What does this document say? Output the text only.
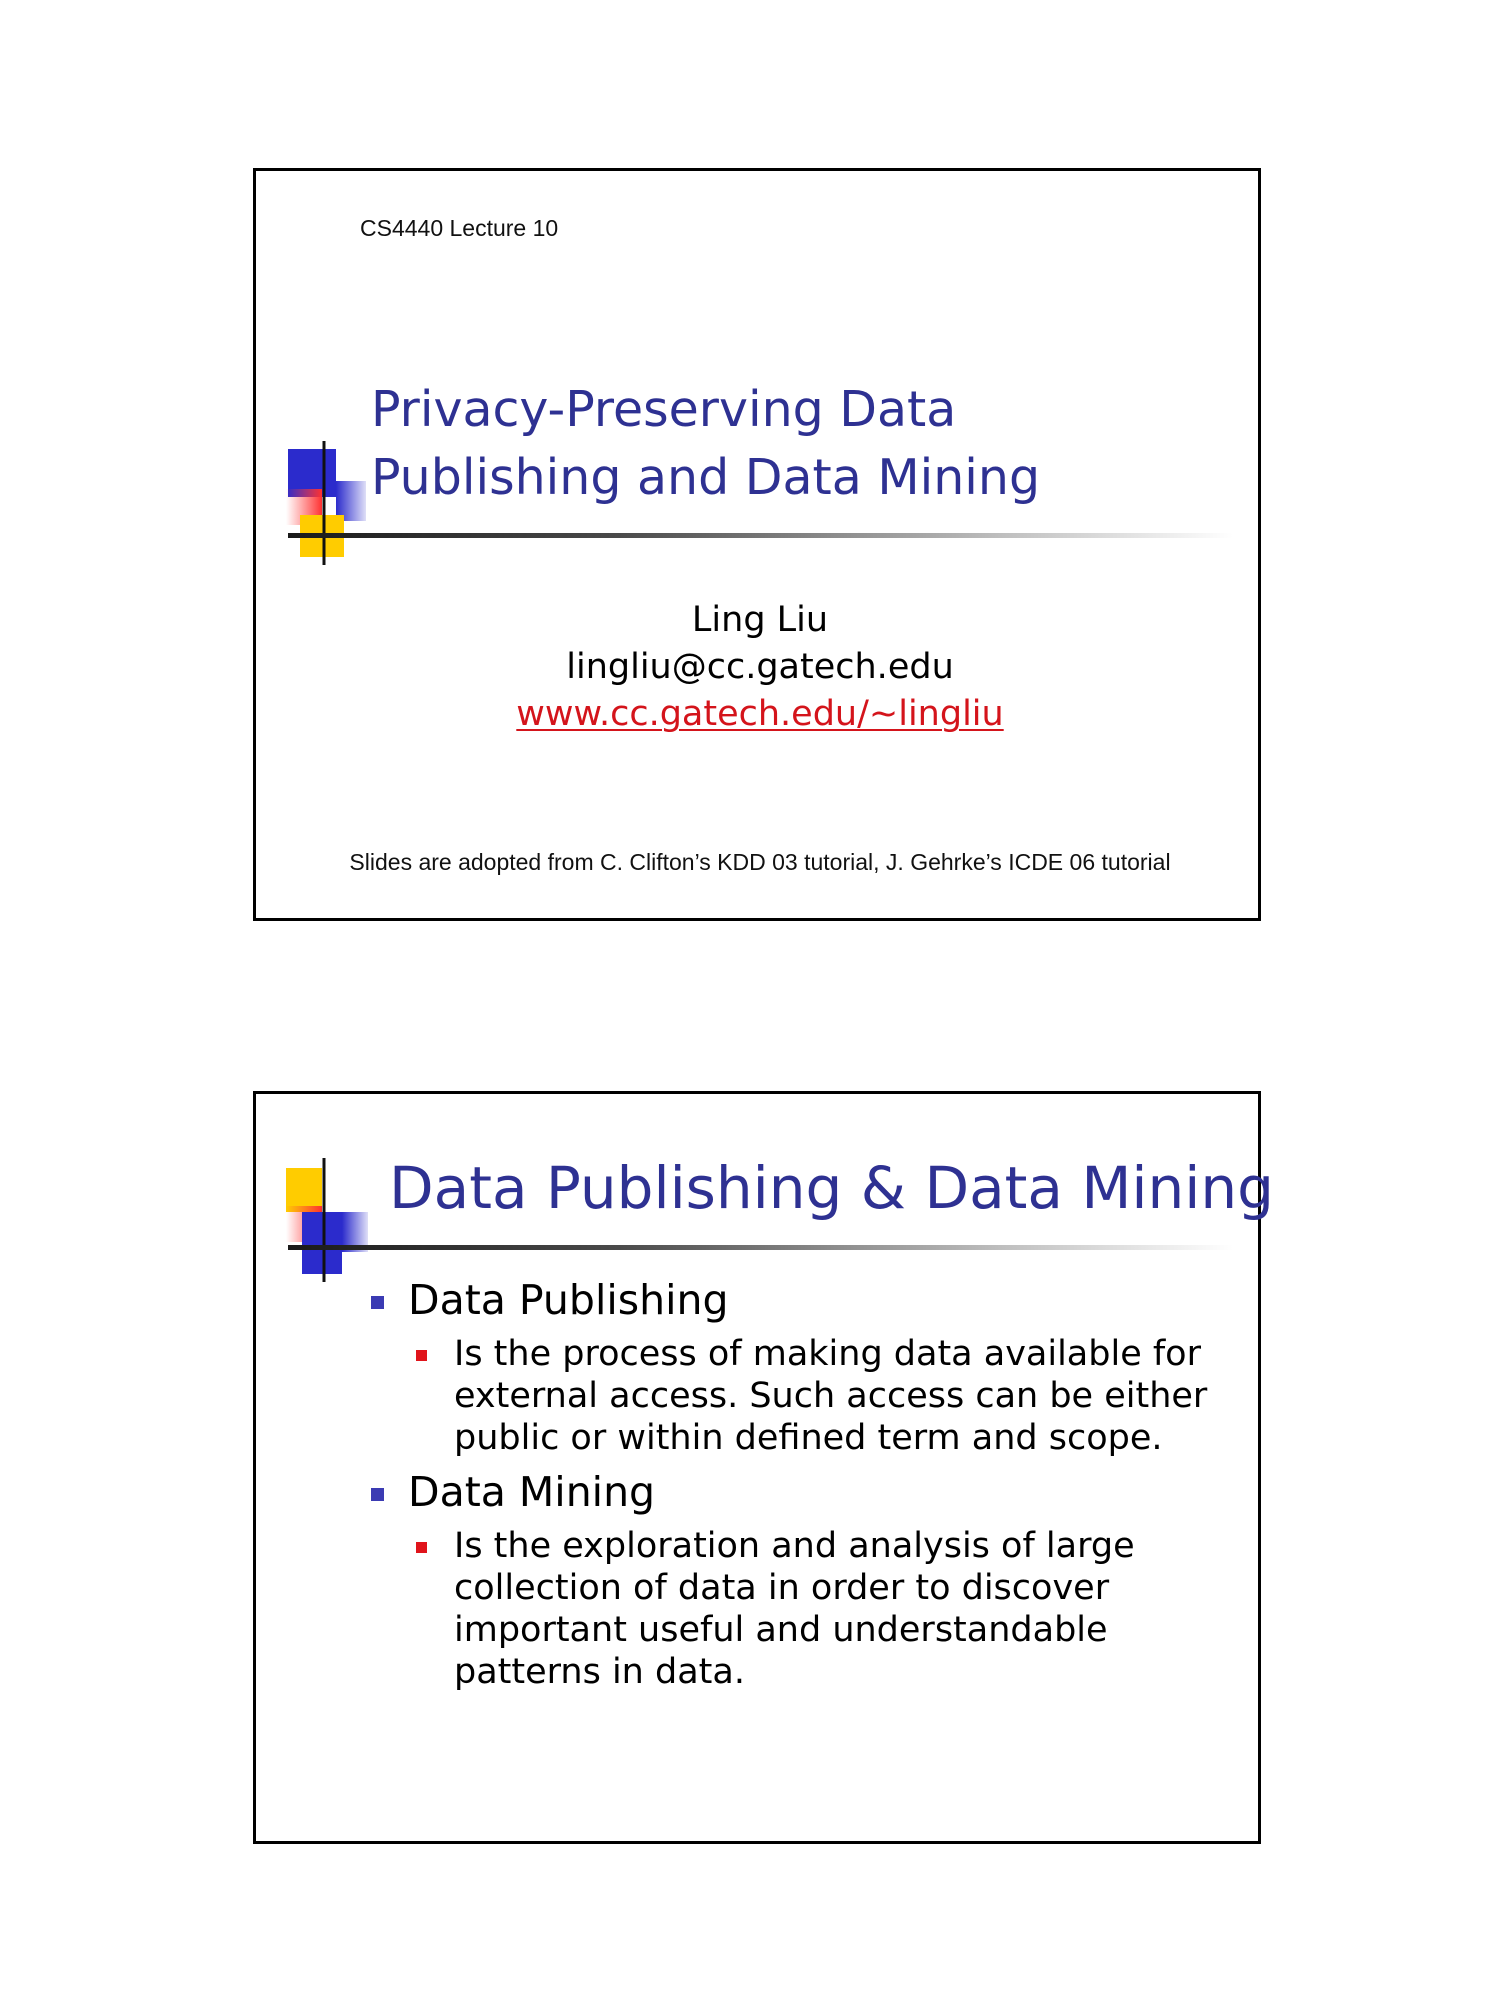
CS4440 Lecture 10
Privacy-Preserving Data
Publishing and Data Mining
Ling Liu
lingliu@cc.gatech.edu
www.cc.gatech.edu/~lingliu
Slides are adopted from C. Clifton’s KDD 03 tutorial, J. Gehrke’s ICDE 06 tutorial
Data Publishing & Data Mining
Data Publishing
Is the process of making data available for
external access. Such access can be either
public or within defined term and scope.
Data Mining
Is the exploration and analysis of large
collection of data in order to discover
important useful and understandable
patterns in data.
